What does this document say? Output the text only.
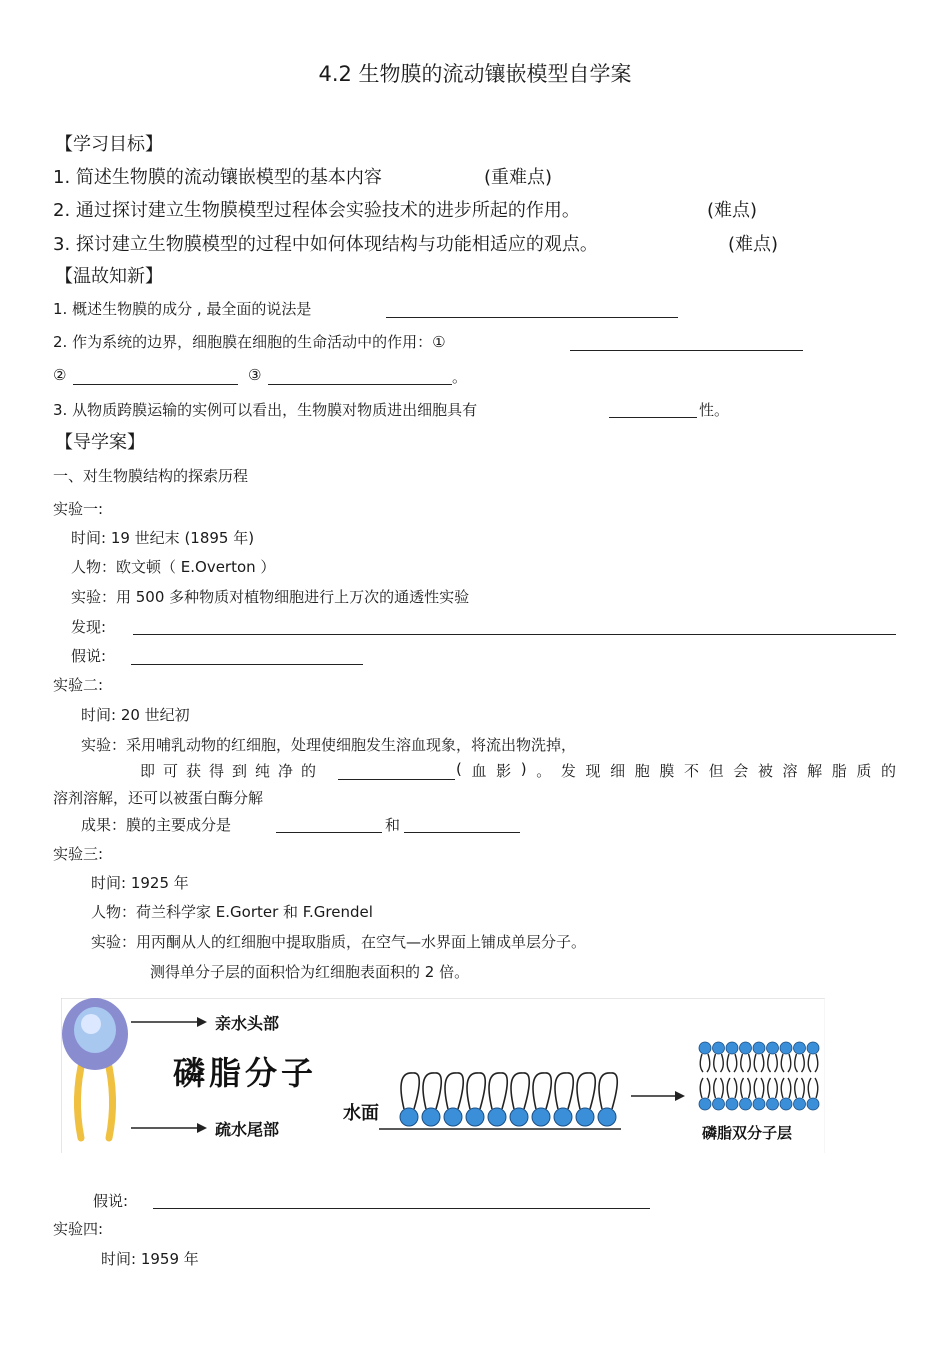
4.2 生物膜的流动镶嵌模型自学案
【学习目标】
1. 简述生物膜的流动镶嵌模型的基本内容	(重难点)
2. 通过探讨建立生物膜模型过程体会实验技术的进步所起的作用。	(难点)
3. 探讨建立生物膜模型的过程中如何体现结构与功能相适应的观点。	(难点)
【温故知新】
1. 概述生物膜的成分 , 最全面的说法是
2. 作为系统的边界，细胞膜在细胞的生命活动中的作用：①
②	③	。
3. 从物质跨膜运输的实例可以看出，生物膜对物质进出细胞具有	性。
【导学案】
一、对生物膜结构的探索历程
实验一:
时间: 19 世纪末 (1895 年)
人物：欧文顿（ E.Overton ）
实验：用 500 多种物质对植物细胞进行上万次的通透性实验
发现:
假说:
实验二:
时间: 20 世纪初
实验：采用哺乳动物的红细胞，处理使细胞发生溶血现象，将流出物洗掉，
即可获得到纯净的	( 血 影 ) 。 发 现 细 胞 膜 不 但 会 被 溶 解 脂 质 的
溶剂溶解，还可以被蛋白酶分解
成果：膜的主要成分是	和
实验三:
时间: 1925 年
人物：荷兰科学家 E.Gorter 和 F.Grendel
实验：用丙酮从人的红细胞中提取脂质，在空气—水界面上铺成单层分子。
测得单分子层的面积恰为红细胞表面积的 2 倍。
亲水头部
磷脂分子
疏水尾部
水面
磷脂双分子层
假说:
实验四:
时间: 1959 年
